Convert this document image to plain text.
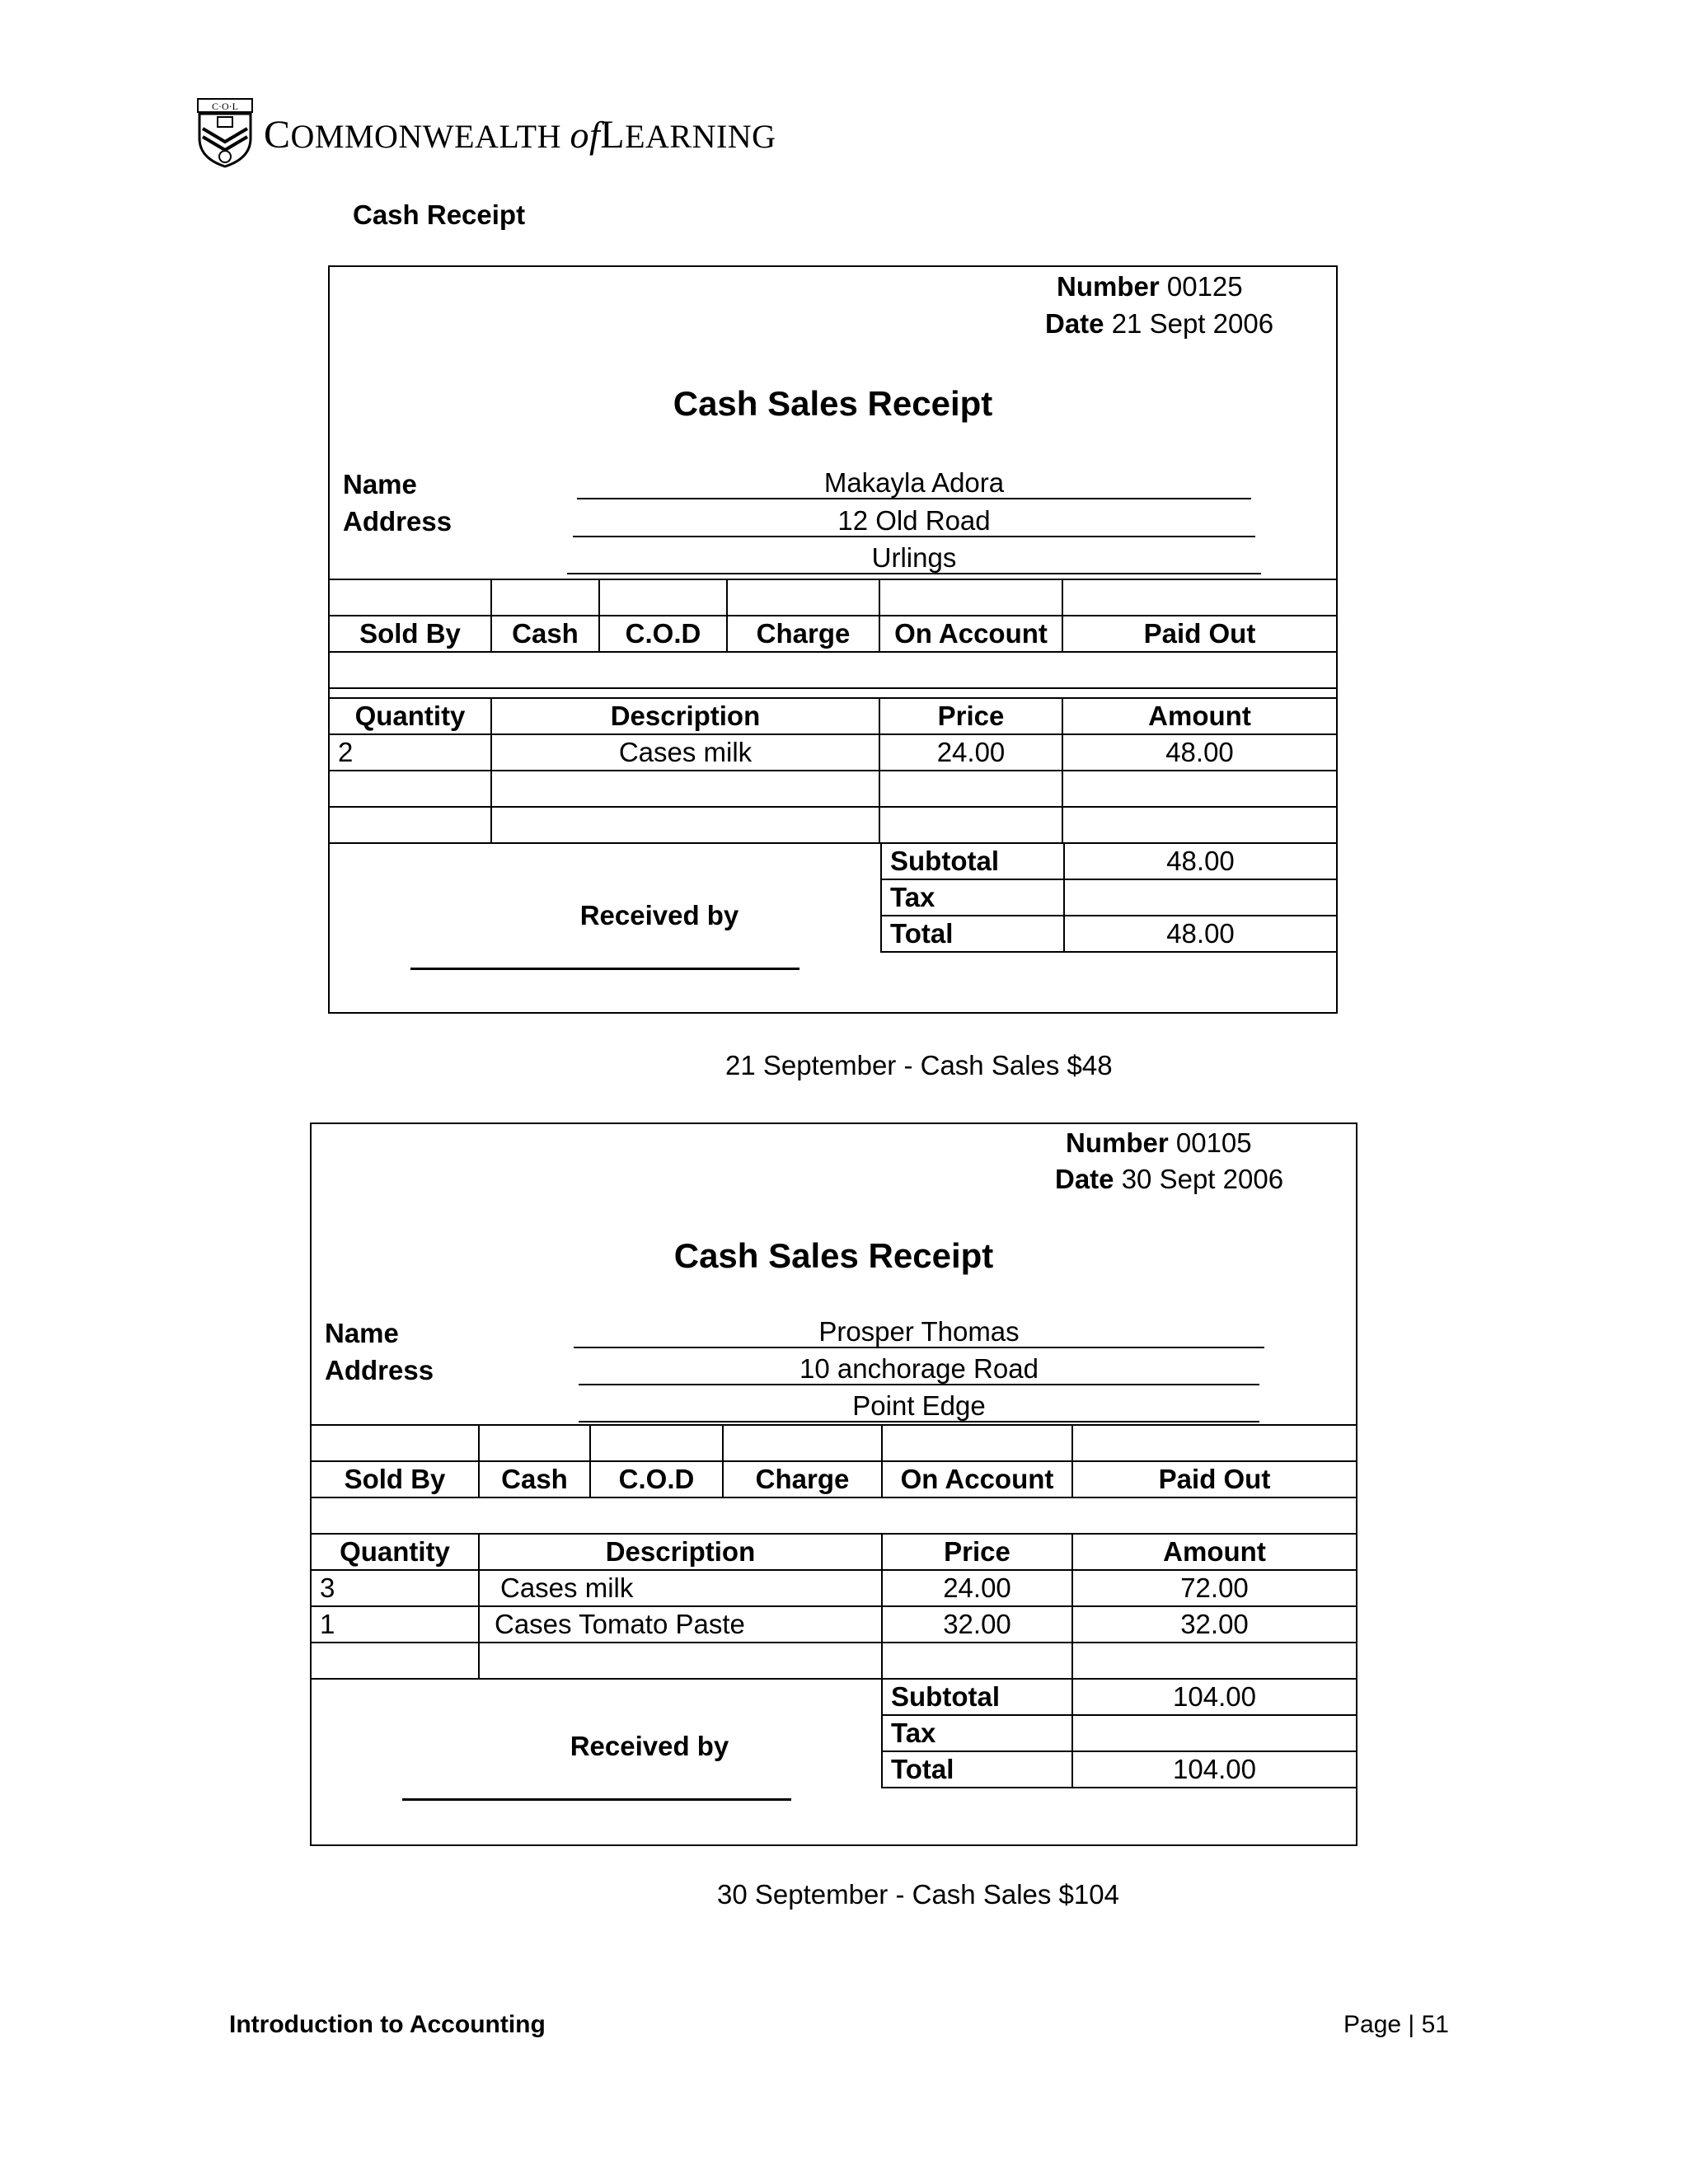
C·O·L
COMMONWEALTH ofLEARNING
Cash Receipt
Number 00125
Date 21 Sept 2006
Cash Sales Receipt
Name	Makayla Adora
Address	12 Old Road
Urlings

Sold By	Cash	C.O.D	Charge	On Account	Paid Out

Quantity	Description	Price	Amount
2	Cases milk	24.00	48.00

Subtotal	48.00
Tax	
Total	48.00
Received by
21 September - Cash Sales $48
Number 00105
Date 30 Sept 2006
Cash Sales Receipt
Name	Prosper Thomas
Address	10 anchorage Road
Point Edge

Sold By	Cash	C.O.D	Charge	On Account	Paid Out

Quantity	Description	Price	Amount
3	Cases milk	24.00	72.00
1	Cases Tomato Paste	32.00	32.00

Subtotal	104.00
Tax	
Total	104.00
Received by
30 September - Cash Sales $104
Introduction to Accounting	Page | 51
